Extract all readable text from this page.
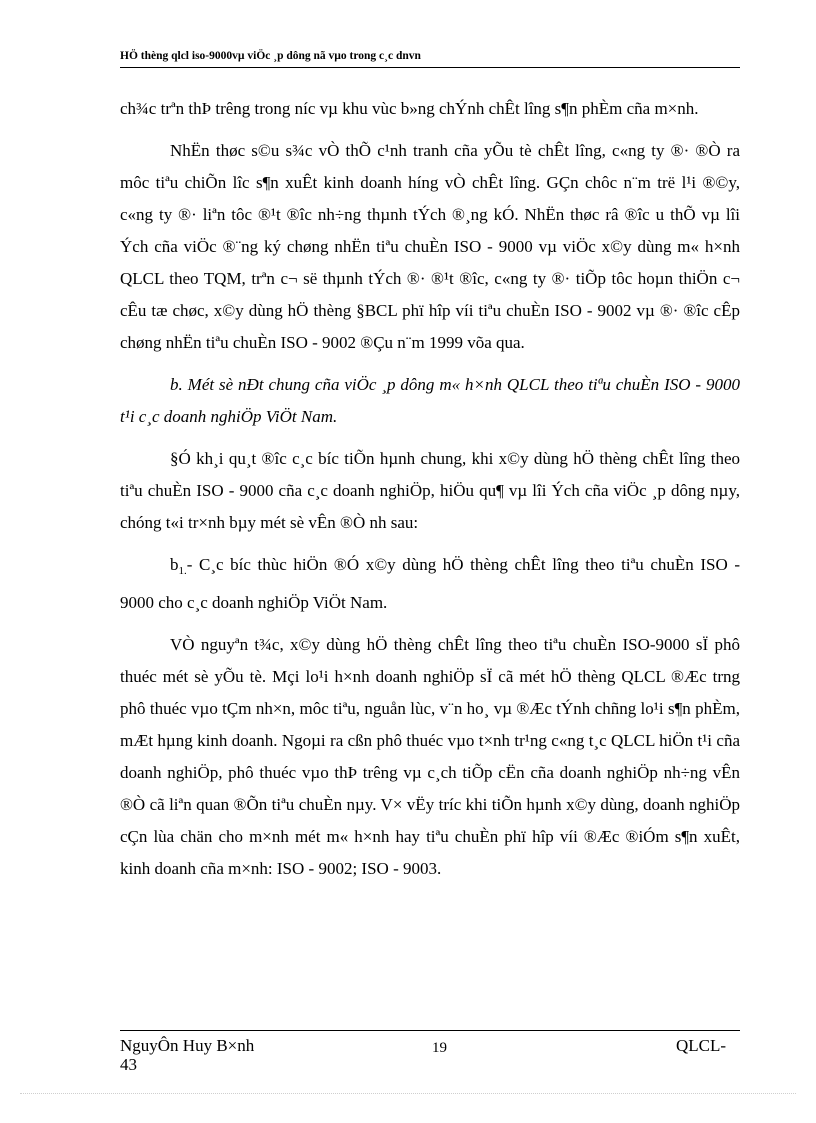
HÖ thèng qlcl iso-9000vµ viÖc ¸p dông nã vµo trong c¸c dnvn

ch¾c trªn thÞ trêng trong níc vµ khu vùc b»ng chÝnh chÊt lîng s¶n phÈm cña m×nh.

NhËn thøc s©u s¾c vÒ thÕ c¹nh tranh cña yÕu tè chÊt lîng, c«ng ty ®· ®Ò ra môc tiªu chiÕn lîc s¶n xuÊt kinh doanh híng vÒ chÊt lîng. GÇn chôc n¨m trë l¹i ®©y, c«ng ty ®· liªn tôc ®¹t ®îc nh÷ng thµnh tÝch ®¸ng kÓ. NhËn thøc râ ®îc u thÕ vµ lîi Ých cña viÖc ®¨ng ký chøng nhËn tiªu chuÈn ISO - 9000 vµ viÖc x©y dùng m« h×nh QLCL theo TQM, trªn c¬ së thµnh tÝch ®· ®¹t ®îc, c«ng ty ®· tiÕp tôc hoµn thiÖn c¬ cÊu tæ chøc, x©y dùng hÖ thèng §BCL phï hîp víi tiªu chuÈn ISO - 9002 vµ ®· ®îc cÊp chøng nhËn tiªu chuÈn ISO - 9002 ®Çu n¨m 1999 võa qua.

b. Mét sè nÐt chung cña viÖc ¸p dông m« h×nh QLCL theo tiªu chuÈn ISO - 9000 t¹i c¸c doanh nghiÖp ViÖt Nam.

§Ó kh¸i qu¸t ®îc c¸c bíc tiÕn hµnh chung, khi x©y dùng hÖ thèng chÊt lîng theo tiªu chuÈn ISO - 9000 cña c¸c doanh nghiÖp, hiÖu qu¶ vµ lîi Ých cña viÖc ¸p dông nµy, chóng t«i tr×nh bµy mét sè vÊn ®Ò nh sau:

$b_{1.}-$ C¸c bíc thùc hiÖn ®Ó x©y dùng hÖ thèng chÊt lîng theo tiªu chuÈn ISO - 9000 cho c¸c doanh nghiÖp ViÖt Nam.

VÒ nguyªn t¾c, x©y dùng hÖ thèng chÊt lîng theo tiªu chuÈn ISO-9000 sÏ phô thuéc mét sè yÕu tè. Mçi lo¹i h×nh doanh nghiÖp sÏ cã mét hÖ thèng QLCL ®Æc trng phô thuéc vµo tÇm nh×n, môc tiªu, nguån lùc, v¨n ho¸ vµ ®Æc tÝnh chñng lo¹i s¶n phÈm, mÆt hµng kinh doanh. Ngoµi ra cßn phô thuéc vµo t×nh tr¹ng c«ng t¸c QLCL hiÖn t¹i cña doanh nghiÖp, phô thuéc vµo thÞ trêng vµ c¸ch tiÕp cËn cña doanh nghiÖp nh÷ng vÊn ®Ò cã liªn quan ®Õn tiªu chuÈn nµy. V× vËy tríc khi tiÕn hµnh x©y dùng, doanh nghiÖp cÇn lùa chän cho m×nh mét m« h×nh hay tiªu chuÈn phï hîp víi ®Æc ®iÓm s¶n xuÊt, kinh doanh cña m×nh: ISO - 9002; ISO - 9003.

NguyÔn Huy B×nh	19	QLCL-
43
